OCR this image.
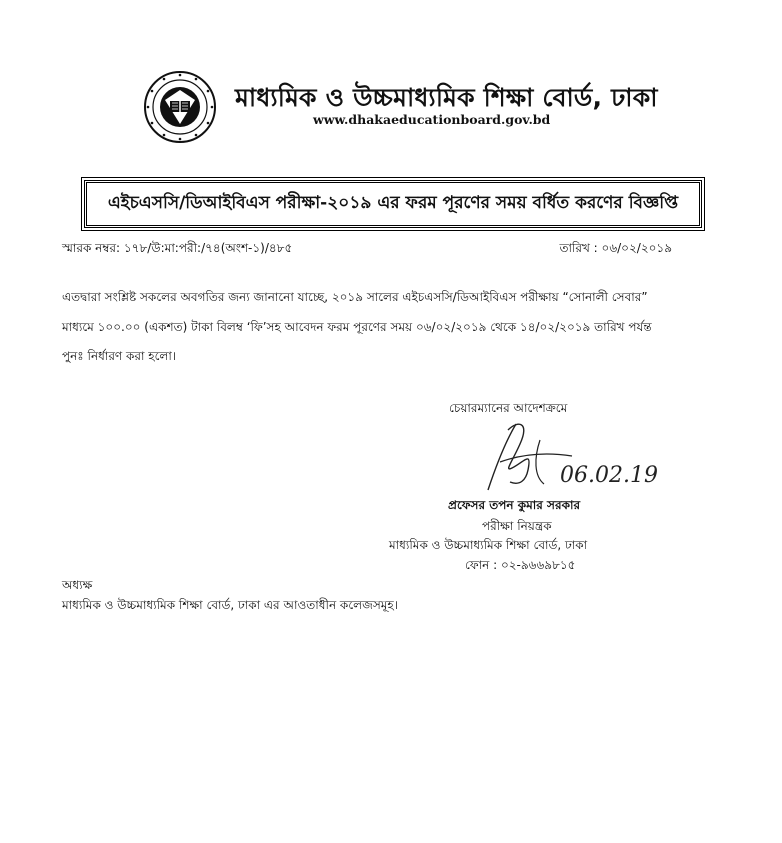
মাধ্যমিক ও উচ্চমাধ্যমিক শিক্ষা বোর্ড, ঢাকা
www.dhakaeducationboard.gov.bd
এইচএসসি/ডিআইবিএস পরীক্ষা-২০১৯ এর ফরম পূরণের সময় বর্ধিত করণের বিজ্ঞপ্তি
স্মারক নম্বর: ১৭৮/উ:মা:পরী:/৭৪(অংশ-১)/৪৮৫	তারিখ : ০৬/০২/২০১৯
এতদ্বারা সংশ্লিষ্ট সকলের অবগতির জন্য জানানো যাচ্ছে, ২০১৯ সালের এইচএসসি/ডিআইবিএস পরীক্ষায় “সোনালী সেবার”
মাধ্যমে ১০০.০০ (একশত) টাকা বিলম্ব ‘ফি’সহ আবেদন ফরম পূরণের সময় ০৬/০২/২০১৯ থেকে ১৪/০২/২০১৯ তারিখ পর্যন্ত
পুনঃ নির্ধারণ করা হলো।
চেয়ারম্যানের আদেশক্রমে
06.02.19
প্রফেসর তপন কুমার সরকার
পরীক্ষা নিয়ন্ত্রক
মাধ্যমিক ও উচ্চমাধ্যমিক শিক্ষা বোর্ড, ঢাকা
ফোন : ০২-৯৬৬৯৮১৫
অধ্যক্ষ
মাধ্যমিক ও উচ্চমাধ্যমিক শিক্ষা বোর্ড, ঢাকা এর আওতাধীন কলেজসমূহ।
